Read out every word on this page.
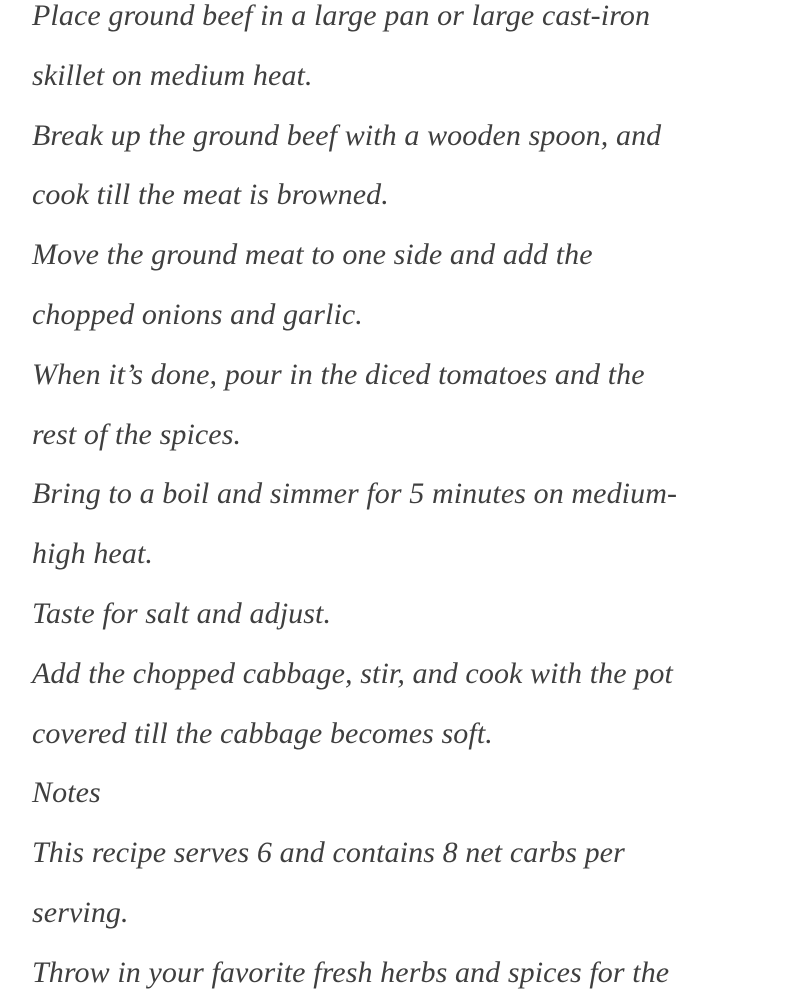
Place ground beef in a large pan or large cast-iron
skillet on medium heat.
Break up the ground beef with a wooden spoon, and
cook till the meat is browned.
Move the ground meat to one side and add the
chopped onions and garlic.
When it’s done, pour in the diced tomatoes and the
rest of the spices.
Bring to a boil and simmer for 5 minutes on medium-
high heat.
Taste for salt and adjust.
Add the chopped cabbage, stir, and cook with the pot
covered till the cabbage becomes soft.
Notes
This recipe serves 6 and contains 8 net carbs per
serving.
Throw in your favorite fresh herbs and spices for the
